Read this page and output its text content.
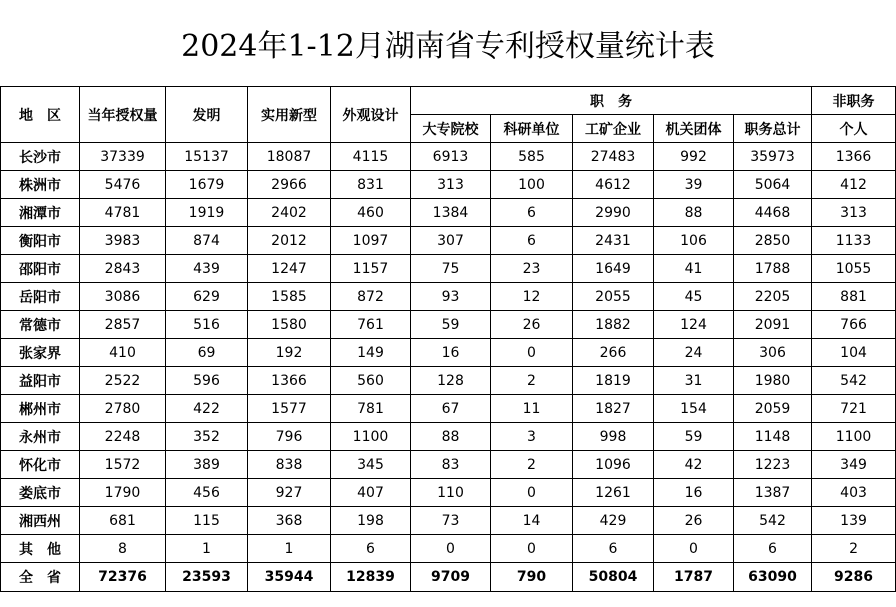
2024年1-12月湖南省专利授权量统计表
地　区	当年授权量	发明	实用新型	外观设计	职　务					非职务
					大专院校	科研单位	工矿企业	机关团体	职务总计	个人
长沙市	37339	15137	18087	4115	6913	585	27483	992	35973	1366
株洲市	5476	1679	2966	831	313	100	4612	39	5064	412
湘潭市	4781	1919	2402	460	1384	6	2990	88	4468	313
衡阳市	3983	874	2012	1097	307	6	2431	106	2850	1133
邵阳市	2843	439	1247	1157	75	23	1649	41	1788	1055
岳阳市	3086	629	1585	872	93	12	2055	45	2205	881
常德市	2857	516	1580	761	59	26	1882	124	2091	766
张家界	410	69	192	149	16	0	266	24	306	104
益阳市	2522	596	1366	560	128	2	1819	31	1980	542
郴州市	2780	422	1577	781	67	11	1827	154	2059	721
永州市	2248	352	796	1100	88	3	998	59	1148	1100
怀化市	1572	389	838	345	83	2	1096	42	1223	349
娄底市	1790	456	927	407	110	0	1261	16	1387	403
湘西州	681	115	368	198	73	14	429	26	542	139
其　他	8	1	1	6	0	0	6	0	6	2
全　省	72376	23593	35944	12839	9709	790	50804	1787	63090	9286
